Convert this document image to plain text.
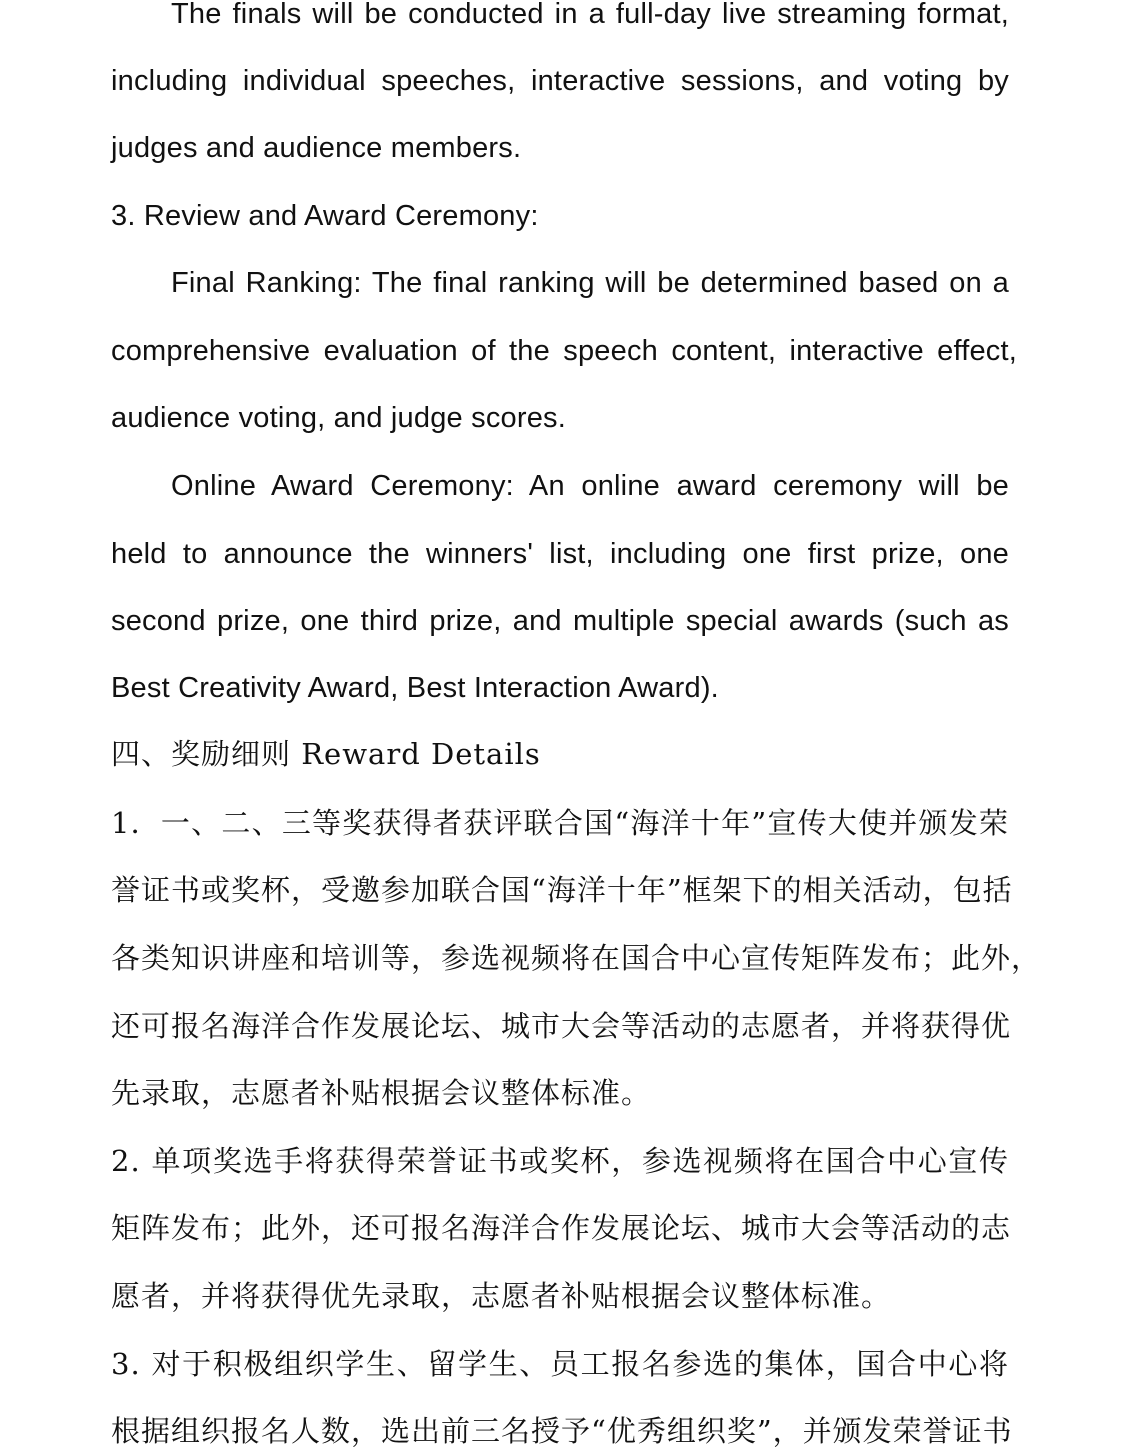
The finals will be conducted in a full-day live streaming format,
including individual speeches, interactive sessions, and voting by
judges and audience members.
3. Review and Award Ceremony:
Final Ranking: The final ranking will be determined based on a
comprehensive evaluation of the speech content, interactive effect,
audience voting, and judge scores.
Online Award Ceremony: An online award ceremony will be
held to announce the winners' list, including one first prize, one
second prize, one third prize, and multiple special awards (such as
Best Creativity Award, Best Interaction Award).
四、奖励细则 Reward Details
1．一、二、三等奖获得者获评联合国“海洋十年”宣传大使并颁发荣
誉证书或奖杯，受邀参加联合国“海洋十年”框架下的相关活动，包括
各类知识讲座和培训等，参选视频将在国合中心宣传矩阵发布；此外，
还可报名海洋合作发展论坛、城市大会等活动的志愿者，并将获得优
先录取，志愿者补贴根据会议整体标准。
2. 单项奖选手将获得荣誉证书或奖杯，参选视频将在国合中心宣传
矩阵发布；此外，还可报名海洋合作发展论坛、城市大会等活动的志
愿者，并将获得优先录取，志愿者补贴根据会议整体标准。
3. 对于积极组织学生、留学生、员工报名参选的集体，国合中心将
根据组织报名人数，选出前三名授予“优秀组织奖”，并颁发荣誉证书
